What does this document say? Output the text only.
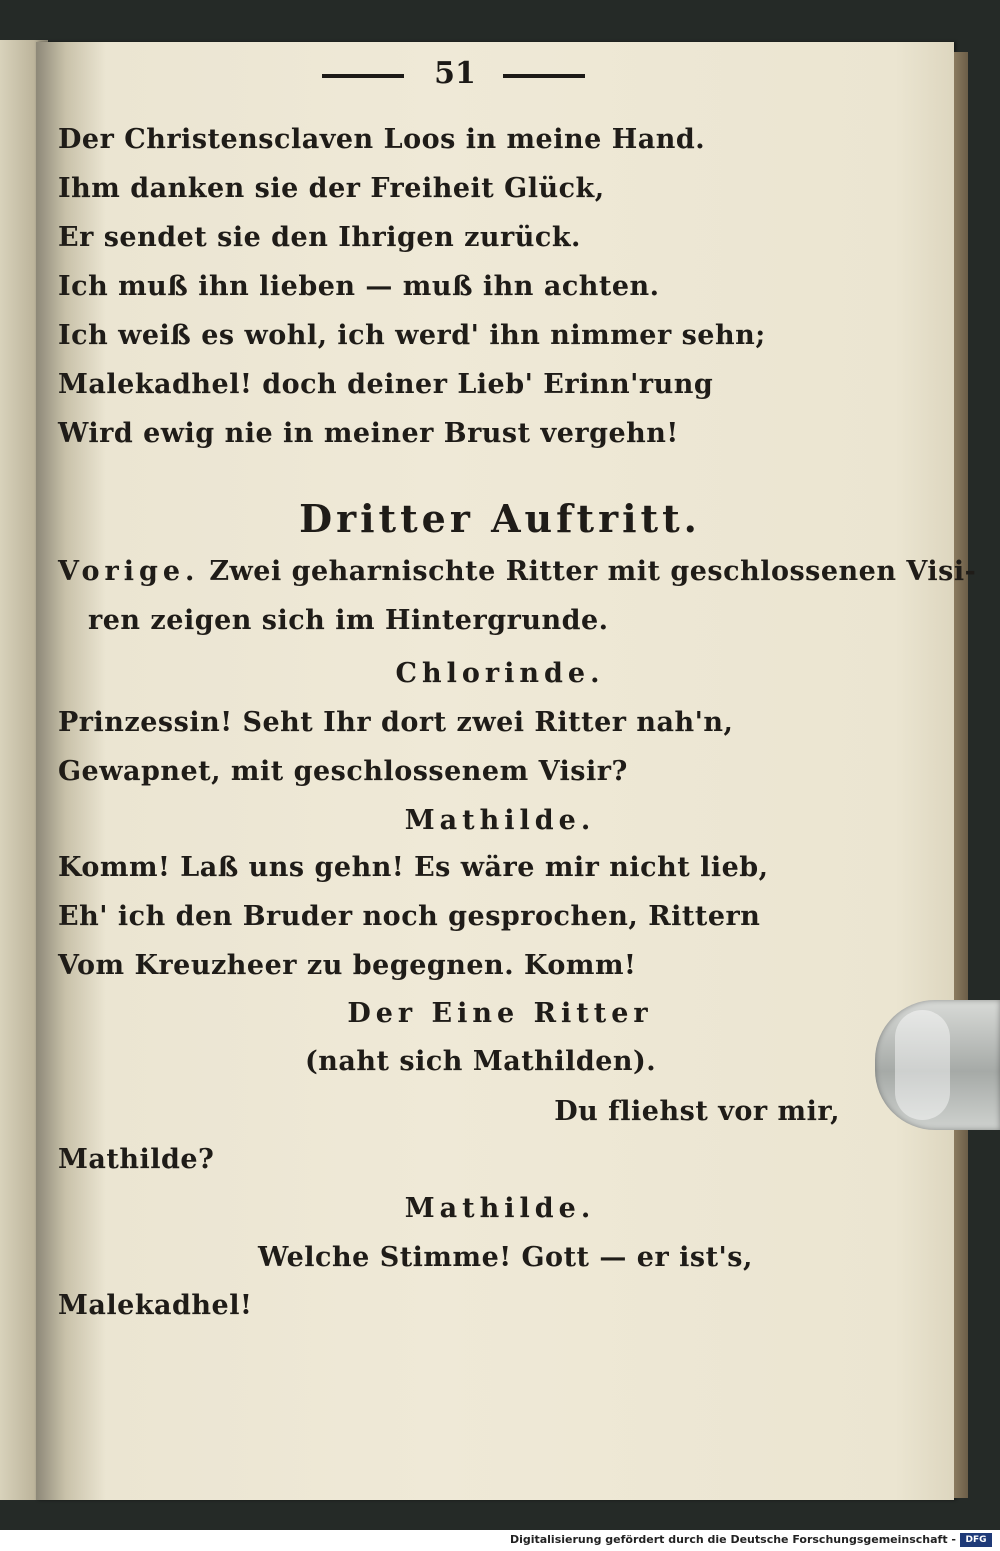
51
Der Christensclaven Loos in meine Hand.
Ihm danken sie der Freiheit Glück,
Er sendet sie den Ihrigen zurück.
Ich muß ihn lieben — muß ihn achten.
Ich weiß es wohl, ich werd' ihn nimmer sehn;
Malekadhel! doch deiner Lieb' Erinn'rung
Wird ewig nie in meiner Brust vergehn!
Dritter Auftritt.
Vorige. Zwei geharnischte Ritter mit geschlossenen Visi-
ren zeigen sich im Hintergrunde.
Chlorinde.
Prinzessin! Seht Ihr dort zwei Ritter nah'n,
Gewapnet, mit geschlossenem Visir?
Mathilde.
Komm! Laß uns gehn! Es wäre mir nicht lieb,
Eh' ich den Bruder noch gesprochen, Rittern
Vom Kreuzheer zu begegnen. Komm!
Der Eine Ritter
(naht sich Mathilden).
Du fliehst vor mir,
Mathilde?
Mathilde.
Welche Stimme! Gott — er ist's,
Malekadhel!
Digitalisierung gefördert durch die Deutsche Forschungsgemeinschaft -	DFG
